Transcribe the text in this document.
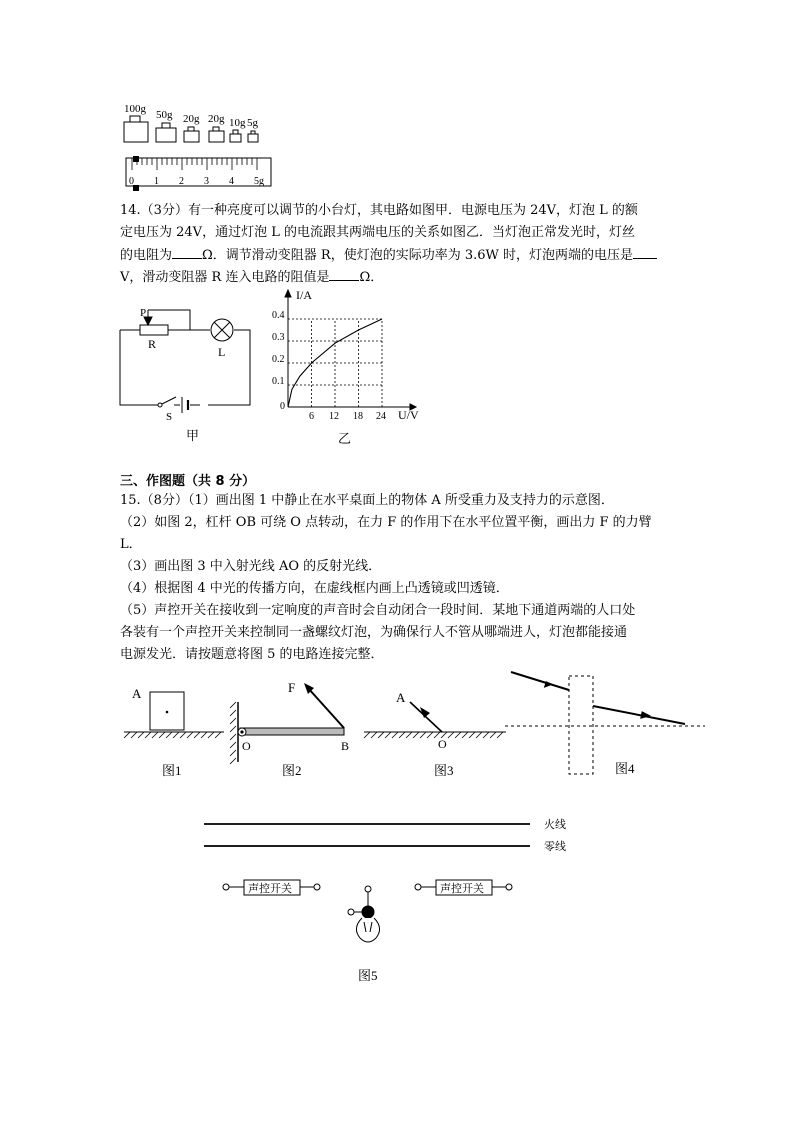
100g 50g 20g 20g 10g 5g
0 1 2 3 4 5g
14.（3分）有一种亮度可以调节的小台灯，其电路如图甲．电源电压为 24V，灯泡 L 的额
定电压为 24V，通过灯泡 L 的电流跟其两端电压的关系如图乙．当灯泡正常发光时，灯丝
的电阻为 Ω．调节滑动变阻器 R，使灯泡的实际功率为 3.6W 时，灯泡两端的电压是
V，滑动变阻器 R 连入电路的阻值是 Ω．
P
R
L
S
甲
I/A
U/V
0
0.4
0.3
0.2
0.1
6 12 18 24
乙
三、作图题（共 8 分）
15.（8分）（1）画出图 1 中静止在水平桌面上的物体 A 所受重力及支持力的示意图．
（2）如图 2，杠杆 OB 可绕 O 点转动，在力 F 的作用下在水平位置平衡，画出力 F 的力臂
L．
（3）画出图 3 中入射光线 AO 的反射光线．
（4）根据图 4 中光的传播方向，在虚线框内画上凸透镜或凹透镜．
（5）声控开关在接收到一定响度的声音时会自动闭合一段时间．某地下通道两端的人口处
各装有一个声控开关来控制同一盏螺纹灯泡，为确保行人不管从哪端进人，灯泡都能接通
电源发光．请按题意将图 5 的电路连接完整．
A
图1
F
O	B
图2
A
O
图3	图4
火线
零线
声控开关	声控开关
图5
